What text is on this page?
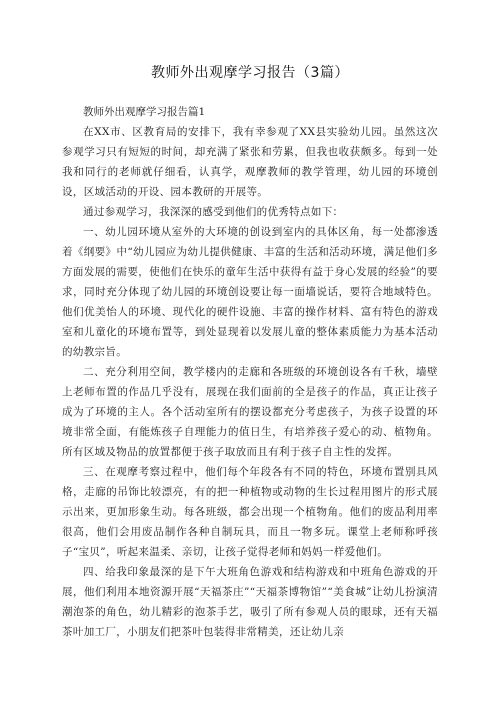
教师外出观摩学习报告（3篇）
教师外出观摩学习报告篇1

在XX市、区教育局的安排下，我有幸参观了XX县实验幼儿园。虽然这次参观学习只有短短的时间，却充满了紧张和劳累，但我也收获颇多。每到一处我和同行的老师就仔细看，认真学，观摩教师的教学管理，幼儿园的环境创设，区域活动的开设、园本教研的开展等。

通过参观学习，我深深的感受到他们的优秀特点如下：

一、幼儿园环境从室外的大环境的创设到室内的具体区角，每一处都渗透着《纲要》中“幼儿园应为幼儿提供健康、丰富的生活和活动环境，满足他们多方面发展的需要，使他们在快乐的童年生活中获得有益于身心发展的经验”的要求，同时充分体现了幼儿园的环境创设要让每一面墙说话，要符合地域特色。他们优美怡人的环境、现代化的硬件设施、丰富的操作材料、富有特色的游戏室和儿童化的环境布置等，到处显现着以发展儿童的整体素质能力为基本活动的幼教宗旨。

二、充分利用空间，教学楼内的走廊和各班级的环境创设各有千秋，墙壁上老师布置的作品几乎没有，展现在我们面前的全是孩子的作品，真正让孩子成为了环境的主人。各个活动室所有的摆设都充分考虑孩子，为孩子设置的环境非常全面，有能炼孩子自理能力的值日生，有培养孩子爱心的动、植物角。所有区域及物品的放置都便于孩子取放而且有利于孩子自主性的发挥。

三、在观摩考察过程中，他们每个年段各有不同的特色，环境布置别具风格，走廊的吊饰比较漂亮，有的把一种植物或动物的生长过程用图片的形式展示出来，更加形象生动。每各班级，都会出现一个植物角。他们的废品利用率很高，他们会用废品制作各种自制玩具，而且一物多玩。课堂上老师称呼孩子“宝贝”，听起来温柔、亲切，让孩子觉得老师和妈妈一样爱他们。

四、给我印象最深的是下午大班角色游戏和结构游戏和中班角色游戏的开展，他们利用本地资源开展“天福茶庄”“天福茶博物馆”“美食城”让幼儿扮演清潮泡茶的角色，幼儿精彩的泡茶手艺，吸引了所有参观人员的眼球，还有天福茶叶加工厂，小朋友们把茶叶包装得非常精美，还让幼儿亲
